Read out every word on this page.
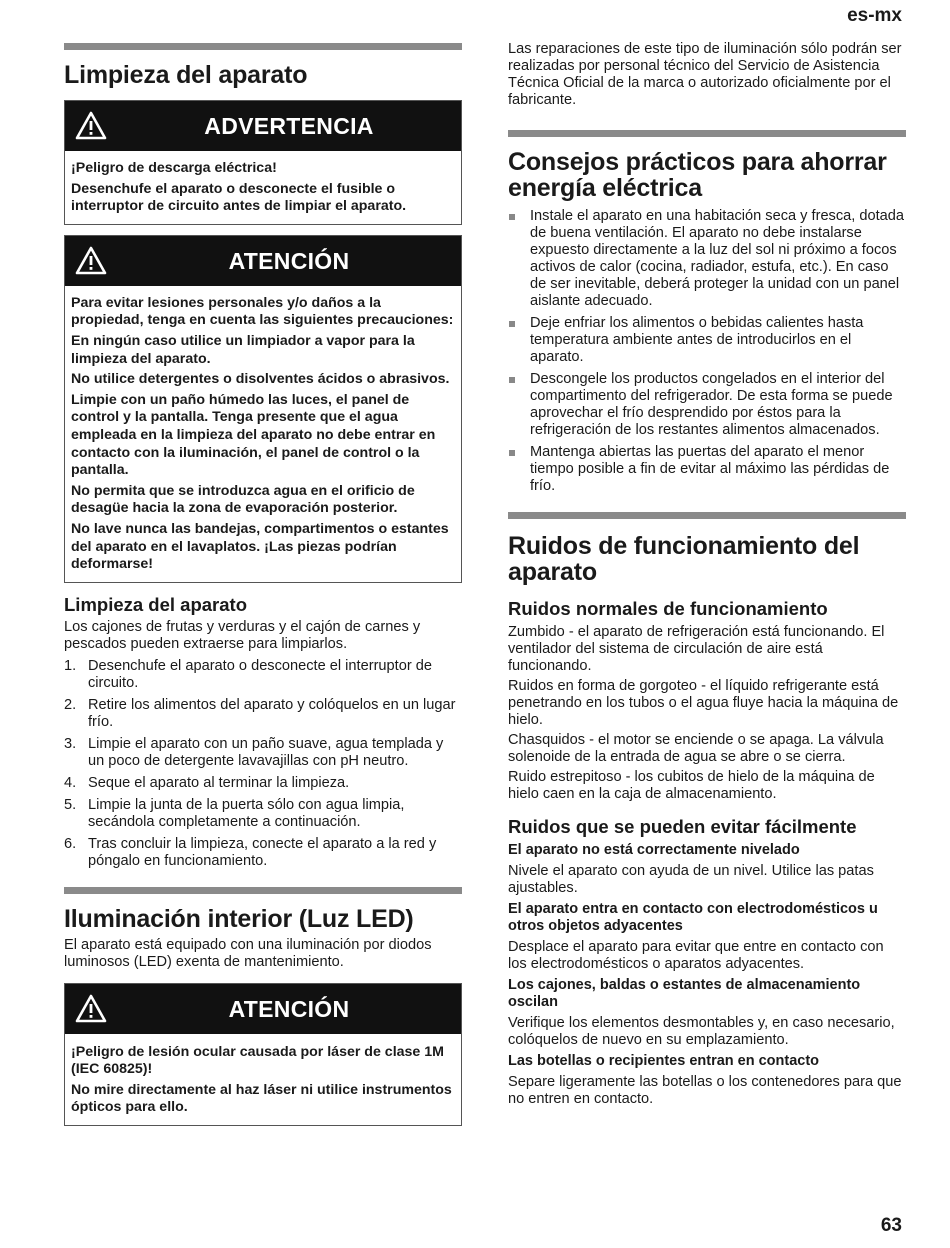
es-mx
Limpieza del aparato
ADVERTENCIA
¡Peligro de descarga eléctrica!
Desenchufe el aparato o desconecte el fusible o interruptor de circuito antes de limpiar el aparato.
ATENCIÓN
Para evitar lesiones personales y/o daños a la propiedad, tenga en cuenta las siguientes precauciones:
En ningún caso utilice un limpiador a vapor para la limpieza del aparato.
No utilice detergentes o disolventes ácidos o abrasivos.
Limpie con un paño húmedo las luces, el panel de control y la pantalla. Tenga presente que el agua empleada en la limpieza del aparato no debe entrar en contacto con la iluminación, el panel de control o la pantalla.
No permita que se introduzca agua en el orificio de desagüe hacia la zona de evaporación posterior.
No lave nunca las bandejas, compartimentos o estantes del aparato en el lavaplatos. ¡Las piezas podrían deformarse!
Limpieza del aparato
Los cajones de frutas y verduras y el cajón de carnes y pescados pueden extraerse para limpiarlos.
1. Desenchufe el aparato o desconecte el interruptor de circuito.
2. Retire los alimentos del aparato y colóquelos en un lugar frío.
3. Limpie el aparato con un paño suave, agua templada y un poco de detergente lavavajillas con pH neutro.
4. Seque el aparato al terminar la limpieza.
5. Limpie la junta de la puerta sólo con agua limpia, secándola completamente a continuación.
6. Tras concluir la limpieza, conecte el aparato a la red y póngalo en funcionamiento.
Iluminación interior (Luz LED)
El aparato está equipado con una iluminación por diodos luminosos (LED) exenta de mantenimiento.
ATENCIÓN
¡Peligro de lesión ocular causada por láser de clase 1M (IEC 60825)!
No mire directamente al haz láser ni utilice instrumentos ópticos para ello.
Las reparaciones de este tipo de iluminación sólo podrán ser realizadas por personal técnico del Servicio de Asistencia Técnica Oficial de la marca o autorizado oficialmente por el fabricante.
Consejos prácticos para ahorrar energía eléctrica
Instale el aparato en una habitación seca y fresca, dotada de buena ventilación. El aparato no debe instalarse expuesto directamente a la luz del sol ni próximo a focos activos de calor (cocina, radiador, estufa, etc.). En caso de ser inevitable, deberá proteger la unidad con un panel aislante adecuado.
Deje enfriar los alimentos o bebidas calientes hasta temperatura ambiente antes de introducirlos en el aparato.
Descongele los productos congelados en el interior del compartimento del refrigerador. De esta forma se puede aprovechar el frío desprendido por éstos para la refrigeración de los restantes alimentos almacenados.
Mantenga abiertas las puertas del aparato el menor tiempo posible a fin de evitar al máximo las pérdidas de frío.
Ruidos de funcionamiento del aparato
Ruidos normales de funcionamiento
Zumbido - el aparato de refrigeración está funcionando. El ventilador del sistema de circulación de aire está funcionando.
Ruidos en forma de gorgoteo - el líquido refrigerante está penetrando en los tubos o el agua fluye hacia la máquina de hielo.
Chasquidos - el motor se enciende o se apaga. La válvula solenoide de la entrada de agua se abre o se cierra.
Ruido estrepitoso - los cubitos de hielo de la máquina de hielo caen en la caja de almacenamiento.
Ruidos que se pueden evitar fácilmente
El aparato no está correctamente nivelado
Nivele el aparato con ayuda de un nivel. Utilice las patas ajustables.
El aparato entra en contacto con electrodomésticos u otros objetos adyacentes
Desplace el aparato para evitar que entre en contacto con los electrodomésticos o aparatos adyacentes.
Los cajones, baldas o estantes de almacenamiento oscilan
Verifique los elementos desmontables y, en caso necesario, colóquelos de nuevo en su emplazamiento.
Las botellas o recipientes entran en contacto
Separe ligeramente las botellas o los contenedores para que no entren en contacto.
63
